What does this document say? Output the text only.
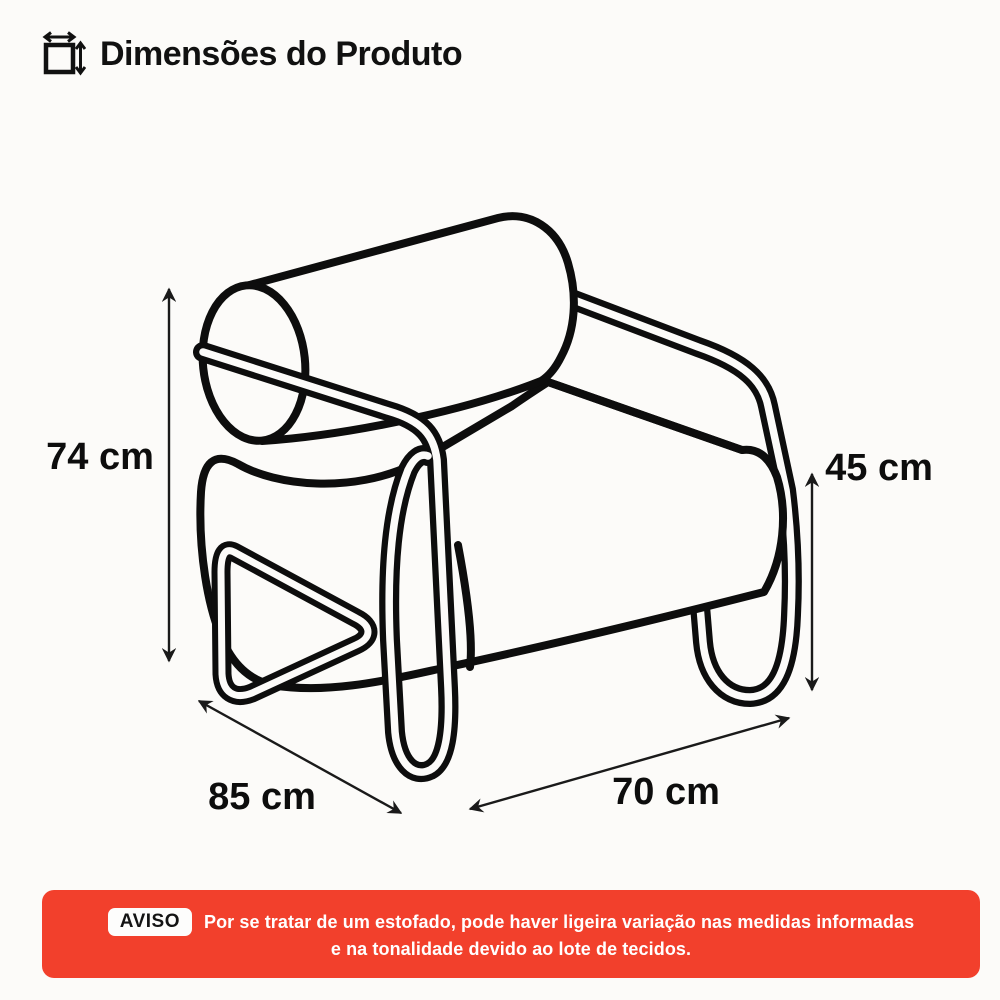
Dimensões do Produto
74 cm	45 cm
85 cm	70 cm
AVISO	Por se tratar de um estofado, pode haver ligeira variação nas medidas informadas
e na tonalidade devido ao lote de tecidos.
